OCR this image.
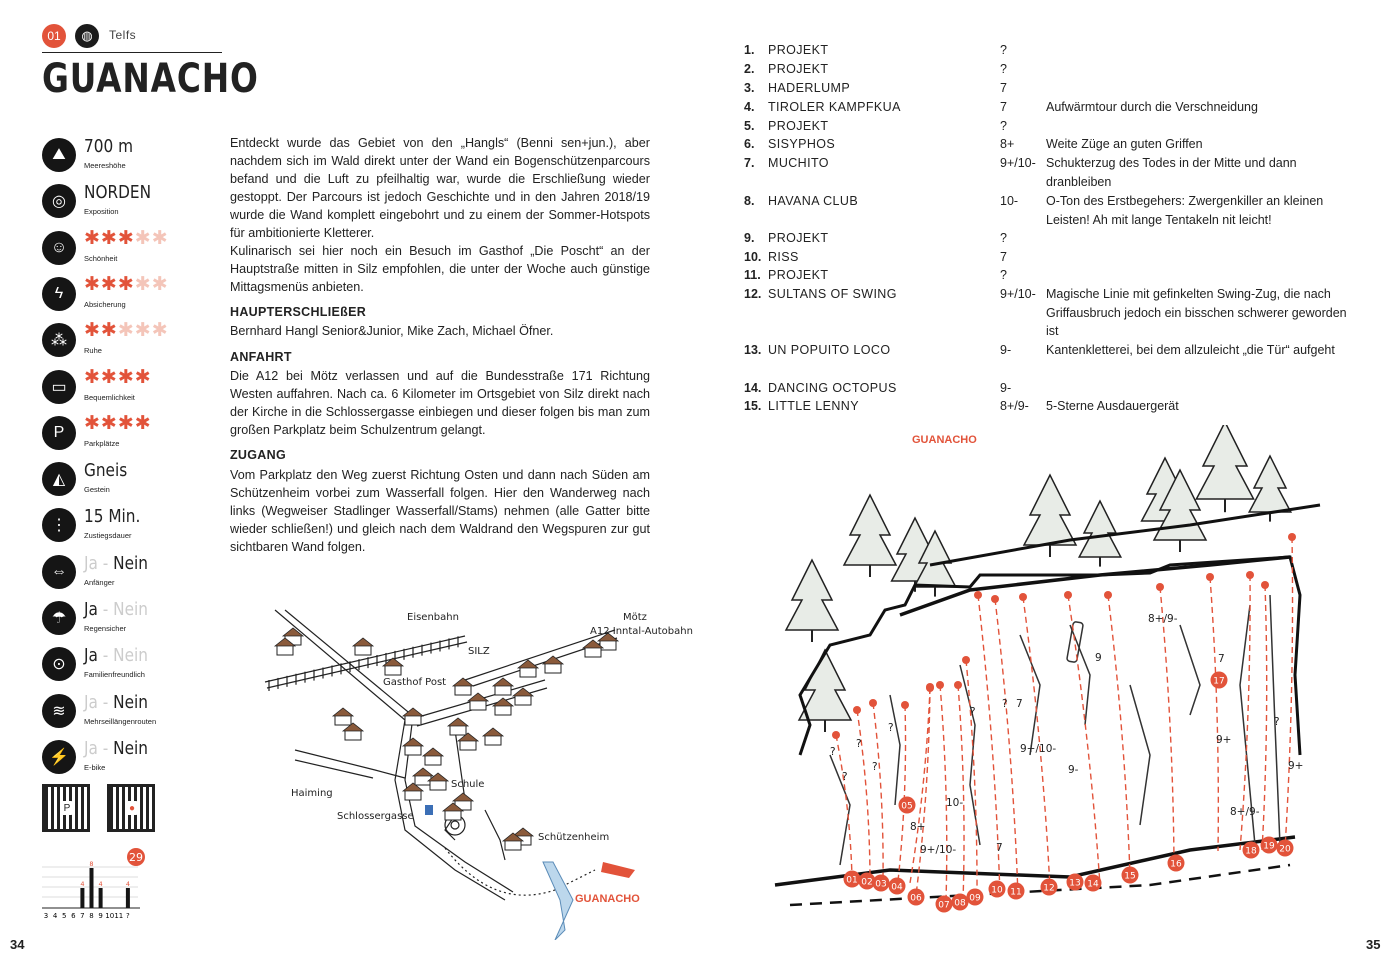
01	◍	Telfs
GUANACHO
⛰	700 m
Meereshöhe
◎	NORDEN
Exposition
☺ ✱✱✱✱✱
Schönheit
ϟ	✱✱✱✱✱
Absicherung
⁂ ✱✱✱✱✱
Ruhe
▭ ✱✱✱✱
Bequemlichkeit
P	✱✱✱✱
Parkplätze
◭	Gneis
Gestein
⋮ 15 Min.
Zustiegsdauer
⇔ Ja - Nein
Anfänger
☂ Ja - Nein
Regensicher
⊙	Ja - Nein
Familienfreundlich
≋	Ja - Nein
Mehrseillängenrouten
⚡ Ja - Nein
E-bike
P	●
3 4 5 6 7
4
8
8
9
4
10 11 ?
4
29
Entdeckt wurde das Gebiet von den „Hangls“ (Benni sen+jun.), aber nachdem sich im Wald direkt unter der Wand ein Bogenschützenparcours befand und die Luft zu pfeilhaltig war, wurde die Erschließung wieder gestoppt. Der Parcours ist jedoch Geschichte und in den Jahren 2018/19 wurde die Wand komplett eingebohrt und zu einem der Sommer-Hotspots für ambitionierte Kletterer.
Kulinarisch sei hier noch ein Besuch im Gasthof „Die Poscht“ an der Hauptstraße mitten in Silz empfohlen, die unter der Woche auch günstige Mittagsmenüs anbieten.
HAUPTERSCHLIEßER
Bernhard Hangl Senior&Junior, Mike Zach, Michael Öfner.
ANFAHRT
Die A12 bei Mötz verlassen und auf die Bundesstraße 171 Richtung Westen auffahren. Nach ca. 6 Kilometer im Ortsgebiet von Silz direkt nach der Kirche in die Schlossergasse einbiegen und dieser folgen bis man zum großen Parkplatz beim Schulzentrum gelangt.
ZUGANG
Vom Parkplatz den Weg zuerst Richtung Osten und dann nach Süden am Schützenheim vorbei zum Wasserfall folgen. Hier den Wanderweg nach links (Wegweiser Stadlinger Wasserfall/Stams) nehmen (alle Gatter bitte wieder schließen!) und gleich nach dem Waldrand den Wegspuren zur gut sichtbaren Wand folgen.
Eisenbahn	Mötz
A12 Inntal-Autobahn
SILZ
Gasthof Post
Haiming
Schule
Schlossergasse
Schützenheim
GUANACHO
1. PROJEKT	?
2. PROJEKT	?
3. HADERLUMP	7
4. TIROLER KAMPFKUA	7	Aufwärmtour durch die Verschneidung
5. PROJEKT	?
6. SISYPHOS	8+	Weite Züge an guten Griffen
7. MUCHITO	9+/10- Schukterzug des Todes in der Mitte und dann dranbleiben
8. HAVANA CLUB	10- O-Ton des Erstbegehers: Zwergenkiller an kleinen Leisten! Ah mit lange Tentakeln nit leicht!
9. PROJEKT	?
10. RISS	7
11. PROJEKT	?
12. SULTANS OF SWING	9+/10- Magische Linie mit gefinkelten Swing-Zug, die nach Griffausbruch jedoch ein bisschen schwerer geworden ist
13. UN POPUITO LOCO	9-	Kantenkletterei, bei dem allzuleicht „die Tür“ aufgeht
14. DANCING OCTOPUS	9-
15. LITTLE LENNY	8+/9- 5-Sterne Ausdauergerät
GUANACHO
?
?
?
?
?
?
7
8+
9+/10-
10-
7
?
9+/10-
9-
9
8+/9-
7
9+
?
8+/9-
9+
01 02 03 04
05
06
07 08 09
10 11 12 13 14
15
16
17
18 19 20
34	35
